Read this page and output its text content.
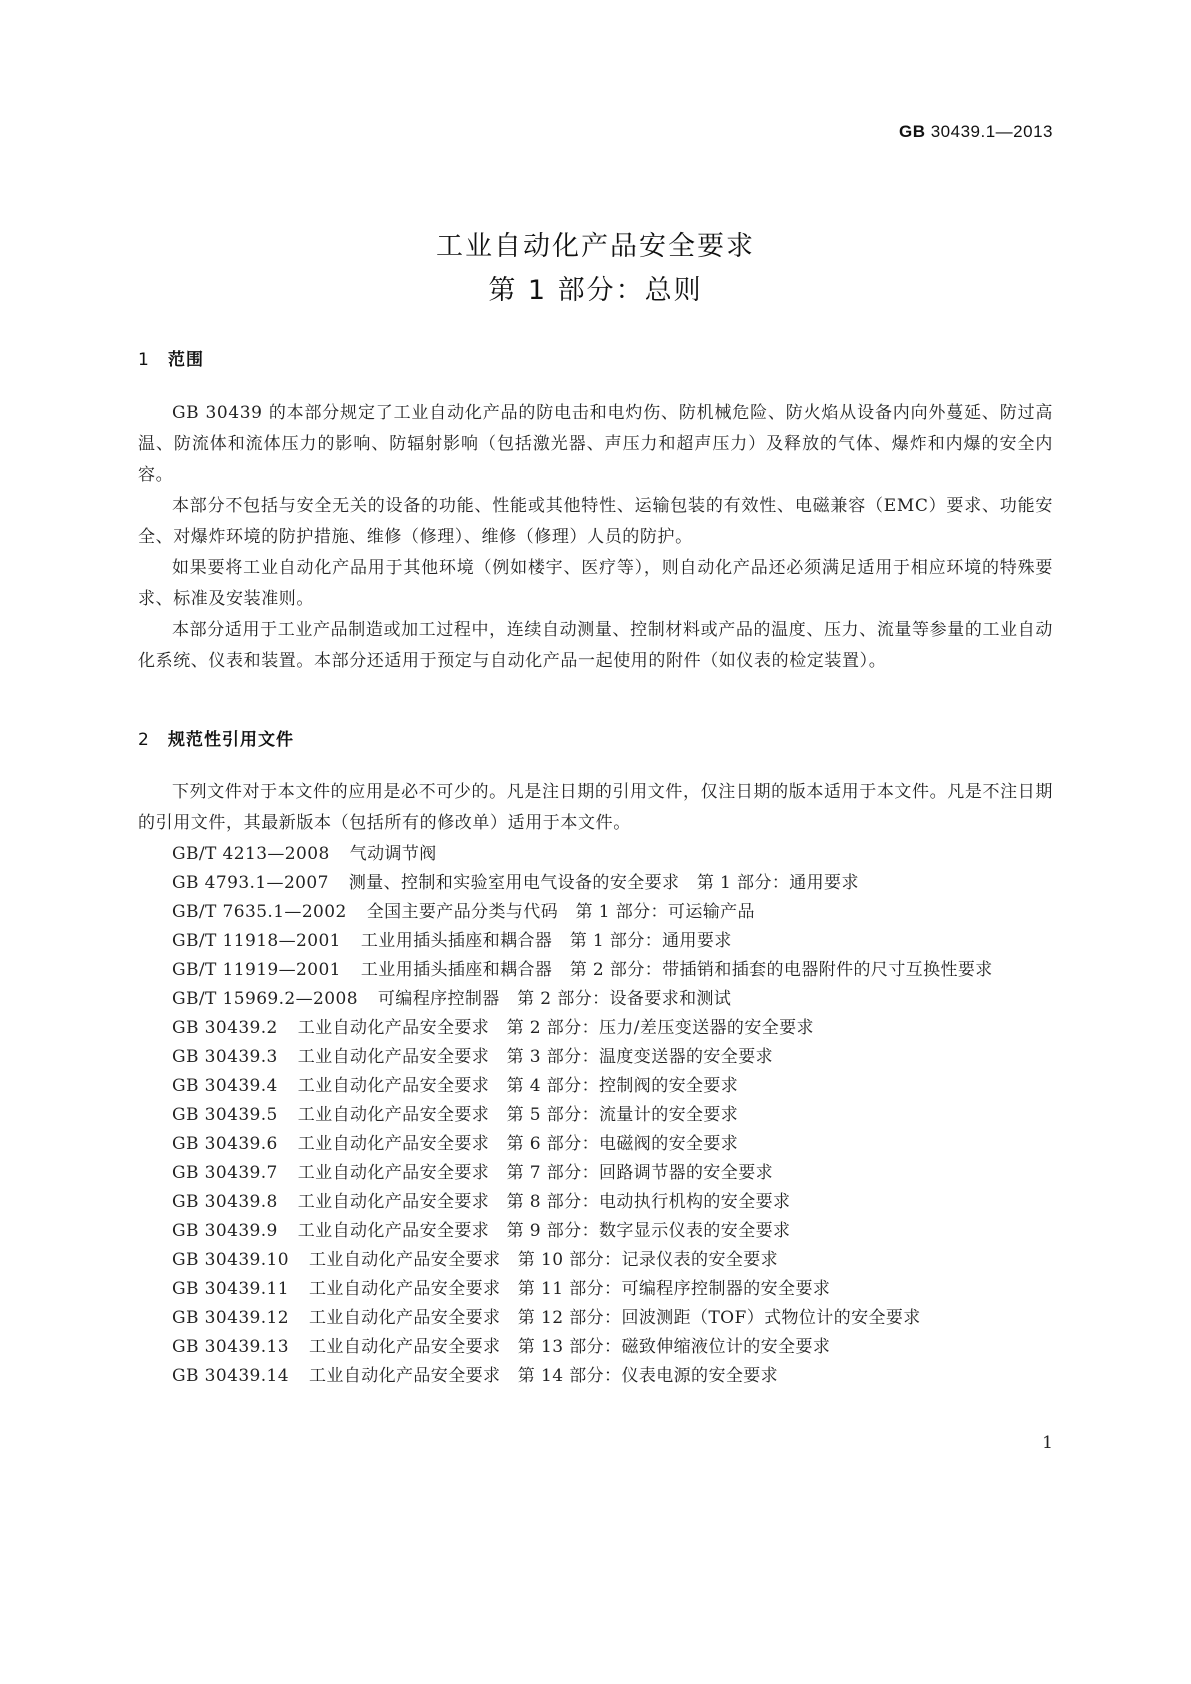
GB 30439.1—2013
工业自动化产品安全要求
第 1 部分：总则
1 范围

GB 30439 的本部分规定了工业自动化产品的防电击和电灼伤、防机械危险、防火焰从设备内向外蔓延、防过高温、防流体和流体压力的影响、防辐射影响（包括激光器、声压力和超声压力）及释放的气体、爆炸和内爆的安全内容。

本部分不包括与安全无关的设备的功能、性能或其他特性、运输包装的有效性、电磁兼容（EMC）要求、功能安全、对爆炸环境的防护措施、维修（修理）、维修（修理）人员的防护。

如果要将工业自动化产品用于其他环境（例如楼宇、医疗等），则自动化产品还必须满足适用于相应环境的特殊要求、标准及安装准则。

本部分适用于工业产品制造或加工过程中，连续自动测量、控制材料或产品的温度、压力、流量等参量的工业自动化系统、仪表和装置。本部分还适用于预定与自动化产品一起使用的附件（如仪表的检定装置）。

2 规范性引用文件

下列文件对于本文件的应用是必不可少的。凡是注日期的引用文件，仅注日期的版本适用于本文件。凡是不注日期的引用文件，其最新版本（包括所有的修改单）适用于本文件。

GB/T 4213—2008 气动调节阀
GB 4793.1—2007 测量、控制和实验室用电气设备的安全要求　第 1 部分：通用要求
GB/T 7635.1—2002 全国主要产品分类与代码　第 1 部分：可运输产品
GB/T 11918—2001 工业用插头插座和耦合器　第 1 部分：通用要求
GB/T 11919—2001 工业用插头插座和耦合器　第 2 部分：带插销和插套的电器附件的尺寸互换性要求
GB/T 15969.2—2008 可编程序控制器　第 2 部分：设备要求和测试
GB 30439.2 工业自动化产品安全要求　第 2 部分：压力/差压变送器的安全要求
GB 30439.3 工业自动化产品安全要求　第 3 部分：温度变送器的安全要求
GB 30439.4 工业自动化产品安全要求　第 4 部分：控制阀的安全要求
GB 30439.5 工业自动化产品安全要求　第 5 部分：流量计的安全要求
GB 30439.6 工业自动化产品安全要求　第 6 部分：电磁阀的安全要求
GB 30439.7 工业自动化产品安全要求　第 7 部分：回路调节器的安全要求
GB 30439.8 工业自动化产品安全要求　第 8 部分：电动执行机构的安全要求
GB 30439.9 工业自动化产品安全要求　第 9 部分：数字显示仪表的安全要求
GB 30439.10 工业自动化产品安全要求　第 10 部分：记录仪表的安全要求
GB 30439.11 工业自动化产品安全要求　第 11 部分：可编程序控制器的安全要求
GB 30439.12 工业自动化产品安全要求　第 12 部分：回波测距（TOF）式物位计的安全要求
GB 30439.13 工业自动化产品安全要求　第 13 部分：磁致伸缩液位计的安全要求
GB 30439.14 工业自动化产品安全要求　第 14 部分：仪表电源的安全要求
1
